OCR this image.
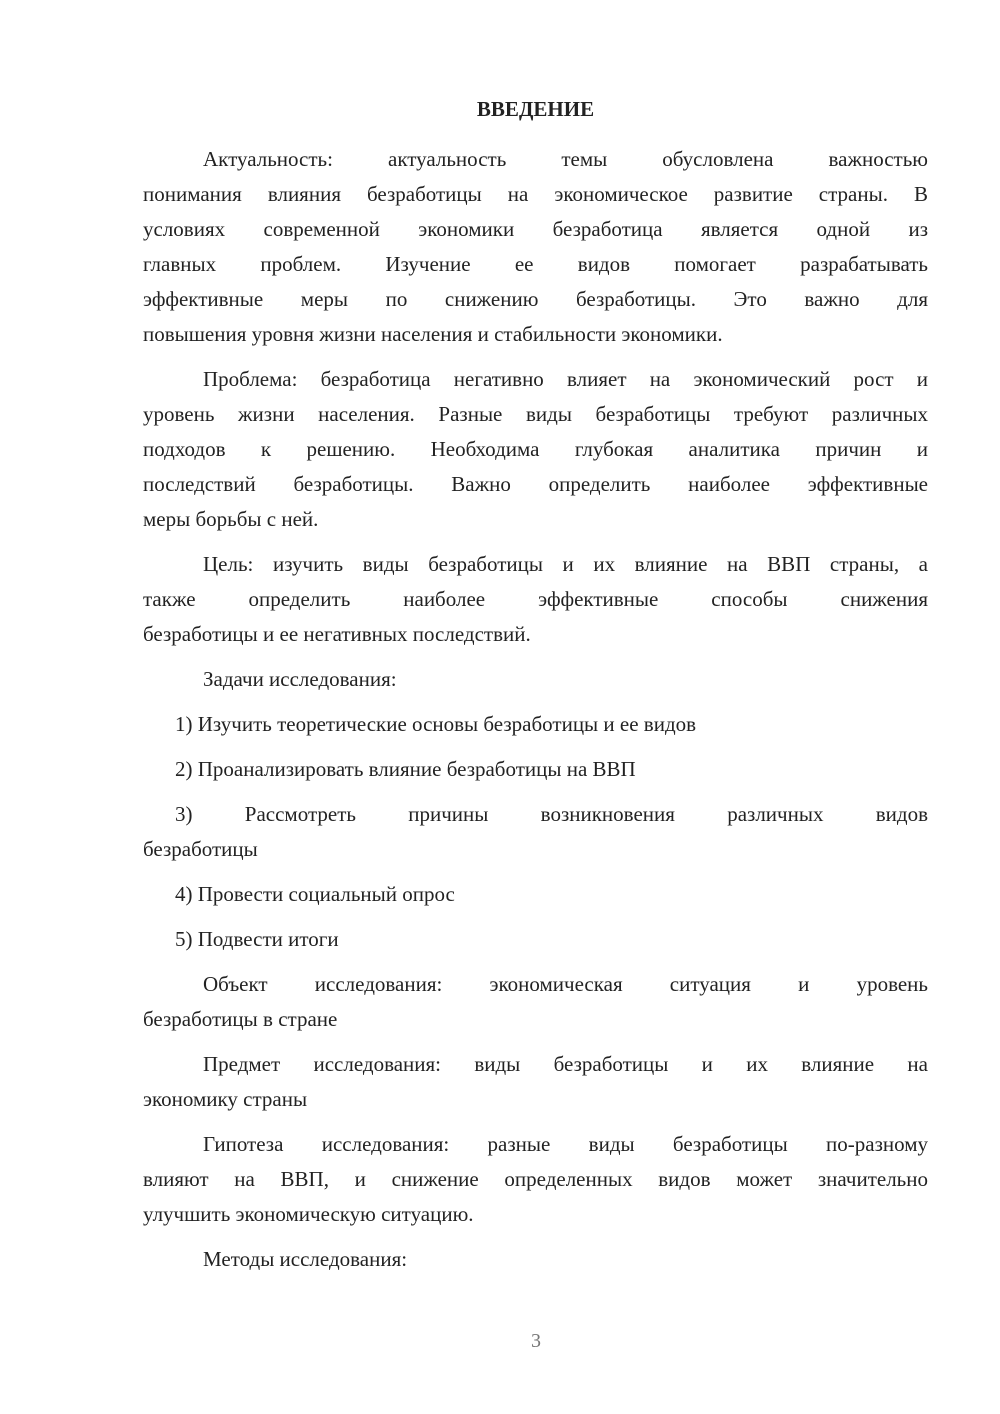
ВВЕДЕНИЕ
Актуальность: актуальность темы обусловлена важностью
понимания влияния безработицы на экономическое развитие страны. В
условиях современной экономики безработица является одной из
главных проблем. Изучение ее видов помогает разрабатывать
эффективные меры по снижению безработицы. Это важно для
повышения уровня жизни населения и стабильности экономики.
Проблема: безработица негативно влияет на экономический рост и
уровень жизни населения. Разные виды безработицы требуют различных
подходов к решению. Необходима глубокая аналитика причин и
последствий безработицы. Важно определить наиболее эффективные
меры борьбы с ней.
Цель: изучить виды безработицы и их влияние на ВВП страны, а
также определить наиболее эффективные способы снижения
безработицы и ее негативных последствий.
Задачи исследования:
1) Изучить теоретические основы безработицы и ее видов
2) Проанализировать влияние безработицы на ВВП
3) Рассмотреть причины возникновения различных видов
безработицы
4) Провести социальный опрос
5) Подвести итоги
Объект исследования: экономическая ситуация и уровень
безработицы в стране
Предмет исследования: виды безработицы и их влияние на
экономику страны
Гипотеза исследования: разные виды безработицы по-разному
влияют на ВВП, и снижение определенных видов может значительно
улучшить экономическую ситуацию.
Методы исследования:
3
